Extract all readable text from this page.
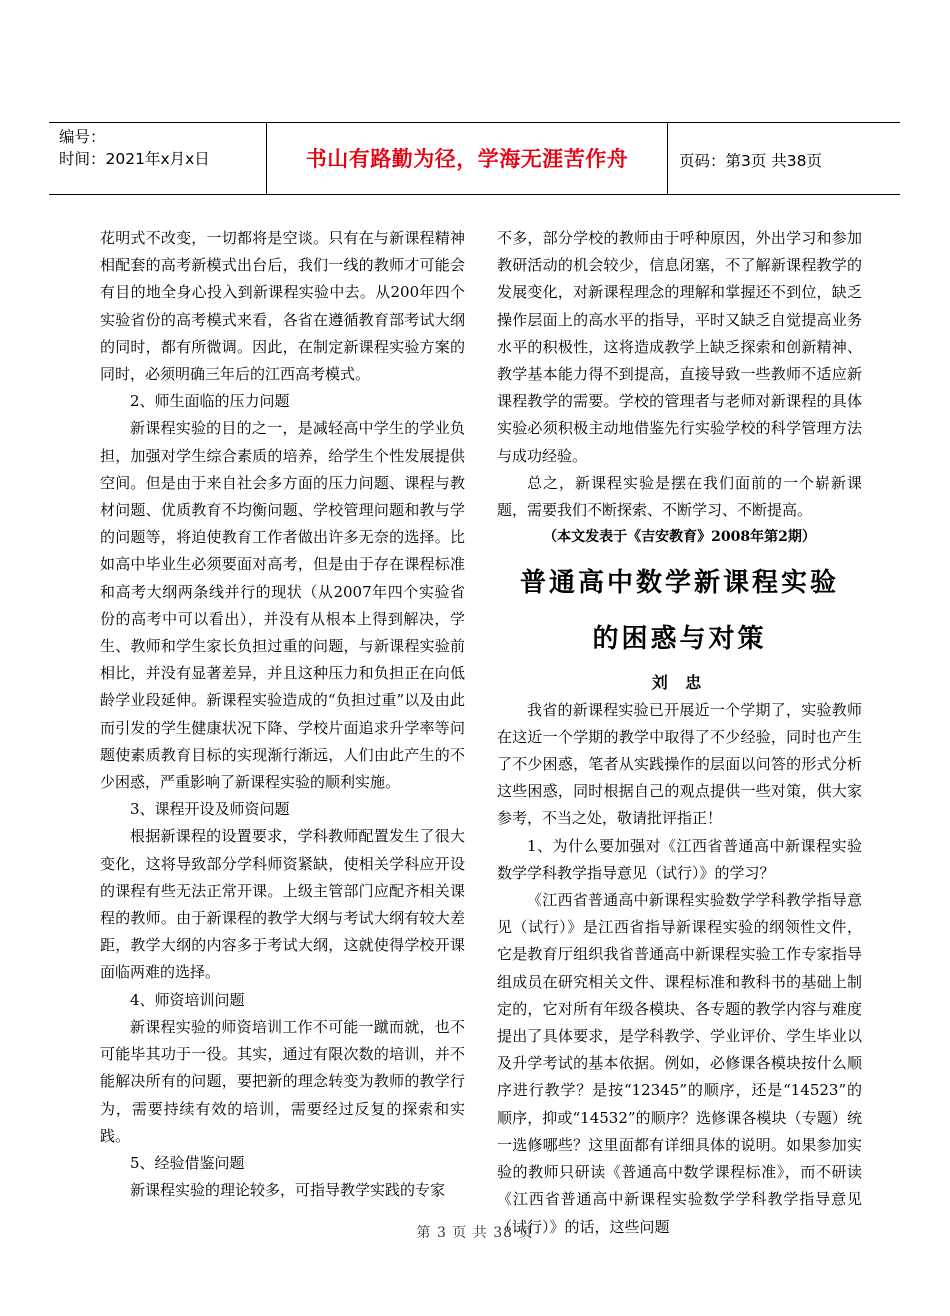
编号：
时间：2021年x月x日	书山有路勤为径，学海无涯苦作舟	页码：第3页 共38页

花明式不改变，一切都将是空谈。只有在与新课程精神相配套的高考新模式出台后，我们一线的教师才可能会有目的地全身心投入到新课程实验中去。从200年四个实验省份的高考模式来看，各省在遵循教育部考试大纲的同时，都有所微调。因此，在制定新课程实验方案的同时，必须明确三年后的江西高考模式。

2、师生面临的压力问题

新课程实验的目的之一，是减轻高中学生的学业负担，加强对学生综合素质的培养，给学生个性发展提供空间。但是由于来自社会多方面的压力问题、课程与教材问题、优质教育不均衡问题、学校管理问题和教与学的问题等，将迫使教育工作者做出许多无奈的选择。比如高中毕业生必须要面对高考，但是由于存在课程标准和高考大纲两条线并行的现状（从2007年四个实验省份的高考中可以看出），并没有从根本上得到解决，学生、教师和学生家长负担过重的问题，与新课程实验前相比，并没有显著差异，并且这种压力和负担正在向低龄学业段延伸。新课程实验造成的“负担过重”以及由此而引发的学生健康状况下降、学校片面追求升学率等问题使素质教育目标的实现渐行渐远，人们由此产生的不少困惑，严重影响了新课程实验的顺利实施。

3、课程开设及师资问题

根据新课程的设置要求，学科教师配置发生了很大变化，这将导致部分学科师资紧缺，使相关学科应开设的课程有些无法正常开课。上级主管部门应配齐相关课程的教师。由于新课程的教学大纲与考试大纲有较大差距，教学大纲的内容多于考试大纲，这就使得学校开课面临两难的选择。

4、师资培训问题

新课程实验的师资培训工作不可能一蹴而就，也不可能毕其功于一役。其实，通过有限次数的培训，并不能解决所有的问题，要把新的理念转变为教师的教学行为，需要持续有效的培训，需要经过反复的探索和实践。

5、经验借鉴问题

新课程实验的理论较多，可指导教学实践的专家

不多，部分学校的教师由于呼种原因，外出学习和参加教研活动的机会较少，信息闭塞，不了解新课程教学的发展变化，对新课程理念的理解和掌握还不到位，缺乏操作层面上的高水平的指导，平时又缺乏自觉提高业务水平的积极性，这将造成教学上缺乏探索和创新精神、教学基本能力得不到提高，直接导致一些教师不适应新课程教学的需要。学校的管理者与老师对新课程的具体实验必须积极主动地借鉴先行实验学校的科学管理方法与成功经验。

总之，新课程实验是摆在我们面前的一个崭新课题，需要我们不断探索、不断学习、不断提高。

（本文发表于《吉安教育》2008年第2期）

普通高中数学新课程实验
的困惑与对策

刘 忠

我省的新课程实验已开展近一个学期了，实验教师在这近一个学期的教学中取得了不少经验，同时也产生了不少困惑，笔者从实践操作的层面以问答的形式分析这些困惑，同时根据自己的观点提供一些对策，供大家参考，不当之处，敬请批评指正！

1、为什么要加强对《江西省普通高中新课程实验数学学科教学指导意见（试行）》的学习？

《江西省普通高中新课程实验数学学科教学指导意见（试行）》是江西省指导新课程实验的纲领性文件，它是教育厅组织我省普通高中新课程实验工作专家指导组成员在研究相关文件、课程标准和教科书的基础上制定的，它对所有年级各模块、各专题的教学内容与难度提出了具体要求，是学科教学、学业评价、学生毕业以及升学考试的基本依据。例如，必修课各模块按什么顺序进行教学？是按“12345”的顺序，还是“14523”的顺序，抑或“14532”的顺序？选修课各模块（专题）统一选修哪些？这里面都有详细具体的说明。如果参加实验的教师只研读《普通高中数学课程标准》，而不研读《江西省普通高中新课程实验数学学科教学指导意见（试行）》的话，这些问题

第 3 页 共 38 页
